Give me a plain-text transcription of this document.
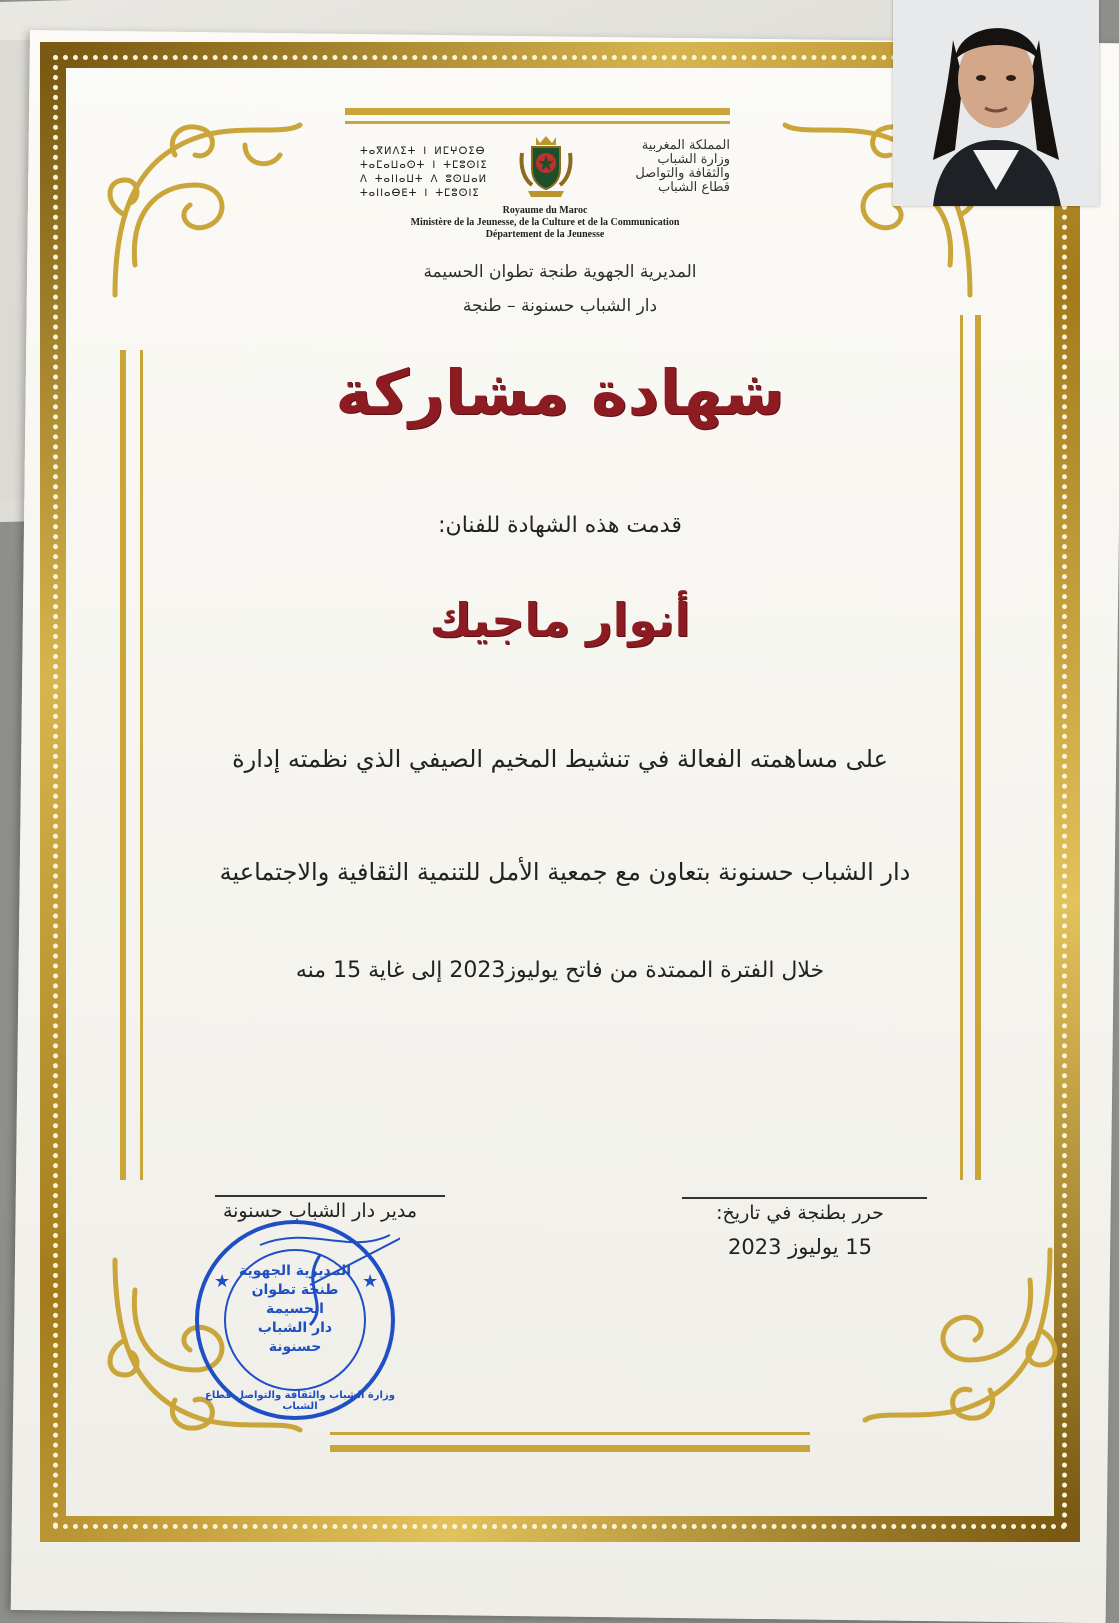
ⵜⴰⴳⵍⴷⵉⵜ ⵏ ⵍⵎⵖⵔⵉⴱ
ⵜⴰⵎⴰⵡⴰⵙⵜ ⵏ ⵜⵎⵓⵙⵏⵉ
ⴷ ⵜⴰⵏⵏⴰⵡⵜ ⴷ ⵓⵙⵡⴰⵍ
ⵜⴰⵏⵏⴰⴱⴹⵜ ⵏ ⵜⵎⵓⵙⵏⵉ
المملكة المغربية
وزارة الشباب
والثقافة والتواصل
قطاع الشباب
Royaume du Maroc
Ministère de la Jeunesse, de la Culture et de la Communication
Département de la Jeunesse
المديرية الجهوية طنجة تطوان الحسيمة
دار الشباب حسنونة – طنجة
شهادة مشاركة
قدمت هذه الشهادة للفنان:
أنوار ماجيك
على مساهمته الفعالة في تنشيط المخيم الصيفي الذي نظمته إدارة
دار الشباب حسنونة بتعاون مع جمعية الأمل للتنمية الثقافية والاجتماعية
خلال الفترة الممتدة من فاتح يوليوز2023 إلى غاية 15 منه
مدير دار الشباب حسنونة	حرر بطنجة في تاريخ:
15 يوليوز 2023
★	★
وزارة الشباب والثقافة والتواصل قطاع الشباب
المديرية الجهوية
طنجة تطوان
الحسيمة
دار الشباب
حسنونة
